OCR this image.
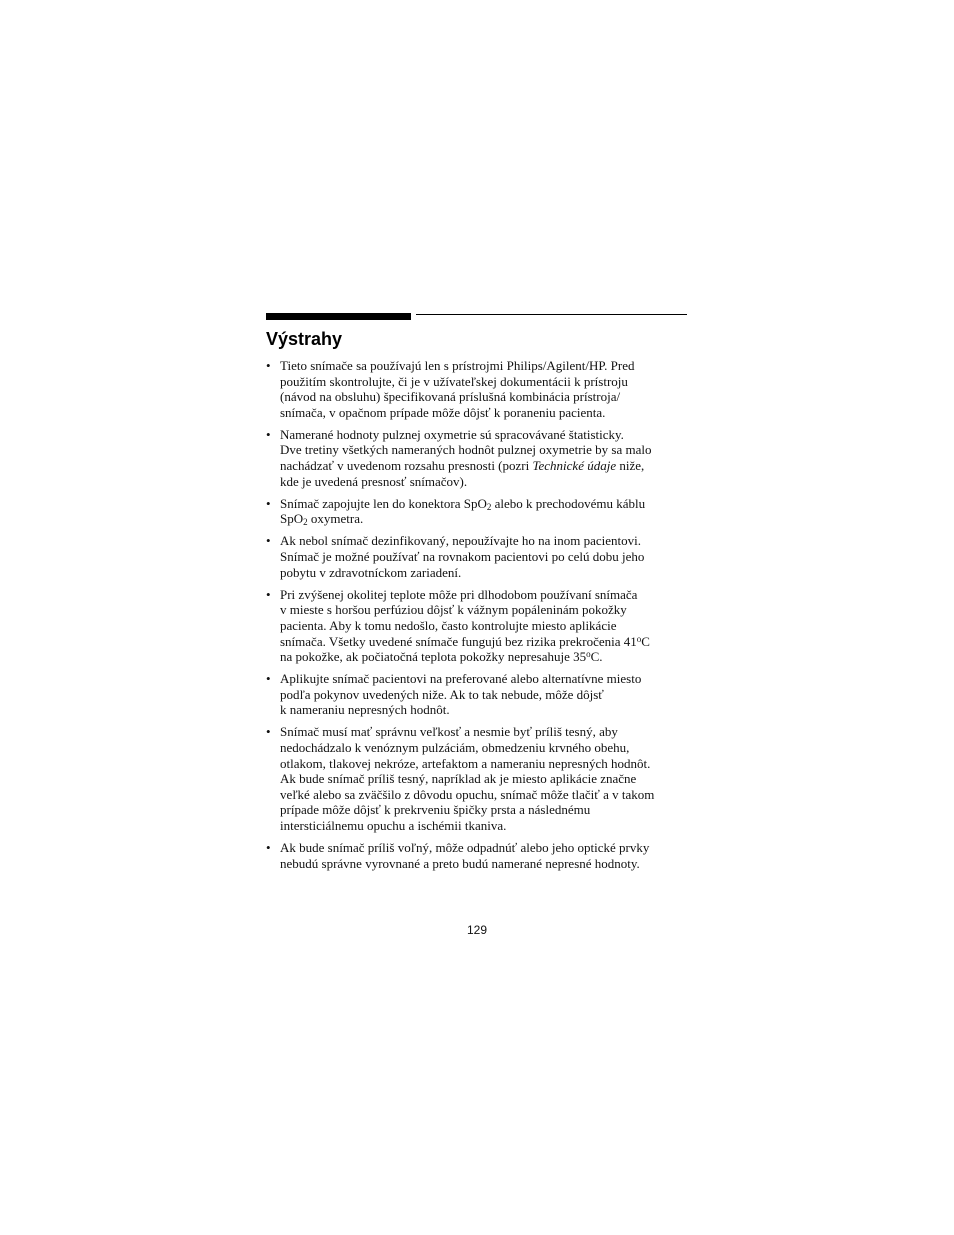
Výstrahy
• Tieto snímače sa používajú len s prístrojmi Philips/Agilent/HP. Pred
použitím skontrolujte, či je v užívateľskej dokumentácii k prístroju
(návod na obsluhu) špecifikovaná príslušná kombinácia prístroja/
snímača, v opačnom prípade môže dôjsť k poraneniu pacienta.
• Namerané hodnoty pulznej oxymetrie sú spracovávané štatisticky.
Dve tretiny všetkých nameraných hodnôt pulznej oxymetrie by sa malo
nachádzať v uvedenom rozsahu presnosti (pozri Technické údaje niže,
kde je uvedená presnosť snímačov).
• Snímač zapojujte len do konektora SpO$_2$ alebo k prechodovému káblu
SpO$_2$ oxymetra.
• Ak nebol snímač dezinfikovaný, nepoužívajte ho na inom pacientovi.
Snímač je možné používať na rovnakom pacientovi po celú dobu jeho
pobytu v zdravotníckom zariadení.
• Pri zvýšenej okolitej teplote môže pri dlhodobom používaní snímača
v mieste s horšou perfúziou dôjsť k vážnym popáleninám pokožky
pacienta. Aby k tomu nedošlo, často kontrolujte miesto aplikácie
snímača. Všetky uvedené snímače fungujú bez rizika prekročenia 41$^o$C
na pokožke, ak počiatočná teplota pokožky nepresahuje 35$^o$C.
• Aplikujte snímač pacientovi na preferované alebo alternatívne miesto
podľa pokynov uvedených niže. Ak to tak nebude, môže dôjsť
k nameraniu nepresných hodnôt.
• Snímač musí mať správnu veľkosť a nesmie byť príliš tesný, aby
nedochádzalo k venóznym pulzáciám, obmedzeniu krvného obehu,
otlakom, tlakovej nekróze, artefaktom a nameraniu nepresných hodnôt.
Ak bude snímač príliš tesný, napríklad ak je miesto aplikácie značne
veľké alebo sa zväčšilo z dôvodu opuchu, snímač môže tlačiť a v takom
prípade môže dôjsť k prekrveniu špičky prsta a následnému
intersticiálnemu opuchu a ischémii tkaniva.
• Ak bude snímač príliš voľný, môže odpadnúť alebo jeho optické prvky
nebudú správne vyrovnané a preto budú namerané nepresné hodnoty.
129
